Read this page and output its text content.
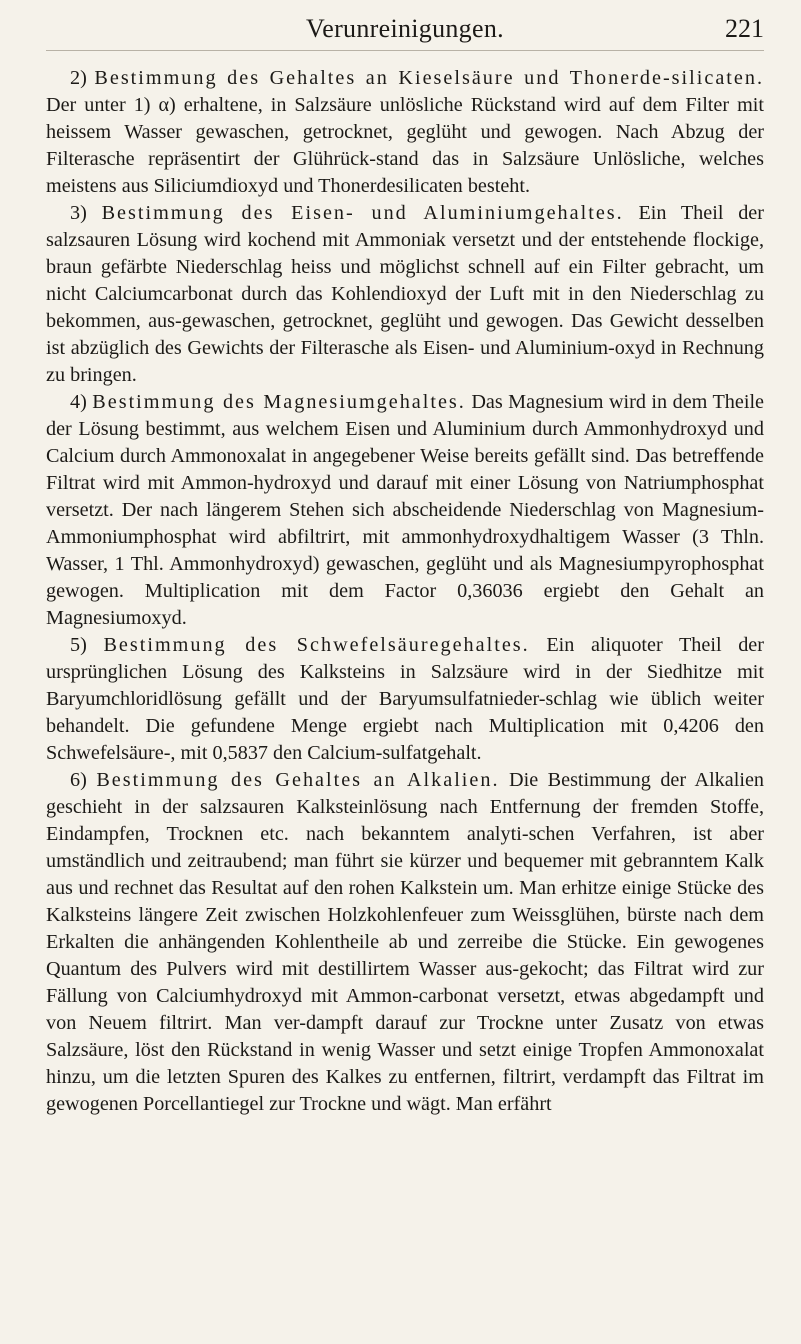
Verunreinigungen.	221

2) Bestimmung des Gehaltes an Kieselsäure und Thonerde-silicaten. Der unter 1) α) erhaltene, in Salzsäure unlösliche Rückstand wird auf dem Filter mit heissem Wasser gewaschen, getrocknet, geglüht und gewogen. Nach Abzug der Filterasche repräsentirt der Glührück-stand das in Salzsäure Unlösliche, welches meistens aus Siliciumdioxyd und Thonerdesilicaten besteht.

3) Bestimmung des Eisen- und Aluminiumgehaltes. Ein Theil der salzsauren Lösung wird kochend mit Ammoniak versetzt und der entstehende flockige, braun gefärbte Niederschlag heiss und möglichst schnell auf ein Filter gebracht, um nicht Calciumcarbonat durch das Kohlendioxyd der Luft mit in den Niederschlag zu bekommen, aus-gewaschen, getrocknet, geglüht und gewogen. Das Gewicht desselben ist abzüglich des Gewichts der Filterasche als Eisen- und Aluminium-oxyd in Rechnung zu bringen.

4) Bestimmung des Magnesiumgehaltes. Das Magnesium wird in dem Theile der Lösung bestimmt, aus welchem Eisen und Aluminium durch Ammonhydroxyd und Calcium durch Ammonoxalat in angegebener Weise bereits gefällt sind. Das betreffende Filtrat wird mit Ammon-hydroxyd und darauf mit einer Lösung von Natriumphosphat versetzt. Der nach längerem Stehen sich abscheidende Niederschlag von Magnesium-Ammoniumphosphat wird abfiltrirt, mit ammonhydroxydhaltigem Wasser (3 Thln. Wasser, 1 Thl. Ammonhydroxyd) gewaschen, geglüht und als Magnesiumpyrophosphat gewogen. Multiplication mit dem Factor 0,36036 ergiebt den Gehalt an Magnesiumoxyd.

5) Bestimmung des Schwefelsäuregehaltes. Ein aliquoter Theil der ursprünglichen Lösung des Kalksteins in Salzsäure wird in der Siedhitze mit Baryumchloridlösung gefällt und der Baryumsulfatnieder-schlag wie üblich weiter behandelt. Die gefundene Menge ergiebt nach Multiplication mit 0,4206 den Schwefelsäure-, mit 0,5837 den Calcium-sulfatgehalt.

6) Bestimmung des Gehaltes an Alkalien. Die Bestimmung der Alkalien geschieht in der salzsauren Kalksteinlösung nach Entfernung der fremden Stoffe, Eindampfen, Trocknen etc. nach bekanntem analyti-schen Verfahren, ist aber umständlich und zeitraubend; man führt sie kürzer und bequemer mit gebranntem Kalk aus und rechnet das Resultat auf den rohen Kalkstein um. Man erhitze einige Stücke des Kalksteins längere Zeit zwischen Holzkohlenfeuer zum Weissglühen, bürste nach dem Erkalten die anhängenden Kohlentheile ab und zerreibe die Stücke. Ein gewogenes Quantum des Pulvers wird mit destillirtem Wasser aus-gekocht; das Filtrat wird zur Fällung von Calciumhydroxyd mit Ammon-carbonat versetzt, etwas abgedampft und von Neuem filtrirt. Man ver-dampft darauf zur Trockne unter Zusatz von etwas Salzsäure, löst den Rückstand in wenig Wasser und setzt einige Tropfen Ammonoxalat hinzu, um die letzten Spuren des Kalkes zu entfernen, filtrirt, verdampft das Filtrat im gewogenen Porcellantiegel zur Trockne und wägt. Man erfährt
